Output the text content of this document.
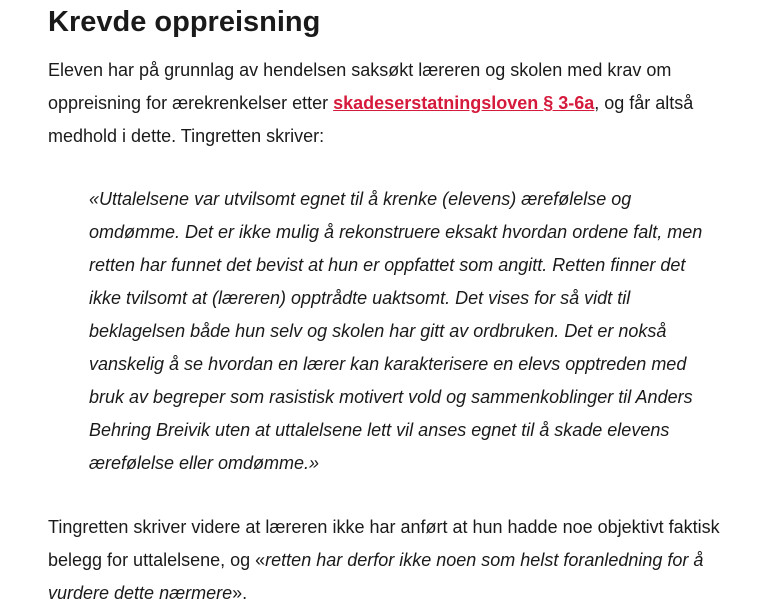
Krevde oppreisning

Eleven har på grunnlag av hendelsen saksøkt læreren og skolen med krav om oppreisning for ærekrenkelser etter skadeserstatningsloven § 3-6a, og får altså medhold i dette. Tingretten skriver:

«Uttalelsene var utvilsomt egnet til å krenke (elevens) ærefølelse og omdømme. Det er ikke mulig å rekonstruere eksakt hvordan ordene falt, men retten har funnet det bevist at hun er oppfattet som angitt. Retten finner det ikke tvilsomt at (læreren) opptrådte uaktsomt. Det vises for så vidt til beklagelsen både hun selv og skolen har gitt av ordbruken. Det er nokså vanskelig å se hvordan en lærer kan karakterisere en elevs opptreden med bruk av begreper som rasistisk motivert vold og sammenkoblinger til Anders Behring Breivik uten at uttalelsene lett vil anses egnet til å skade elevens ærefølelse eller omdømme.»

Tingretten skriver videre at læreren ikke har anført at hun hadde noe objektivt faktisk belegg for uttalelsene, og «retten har derfor ikke noen som helst foranledning for å vurdere dette nærmere».
